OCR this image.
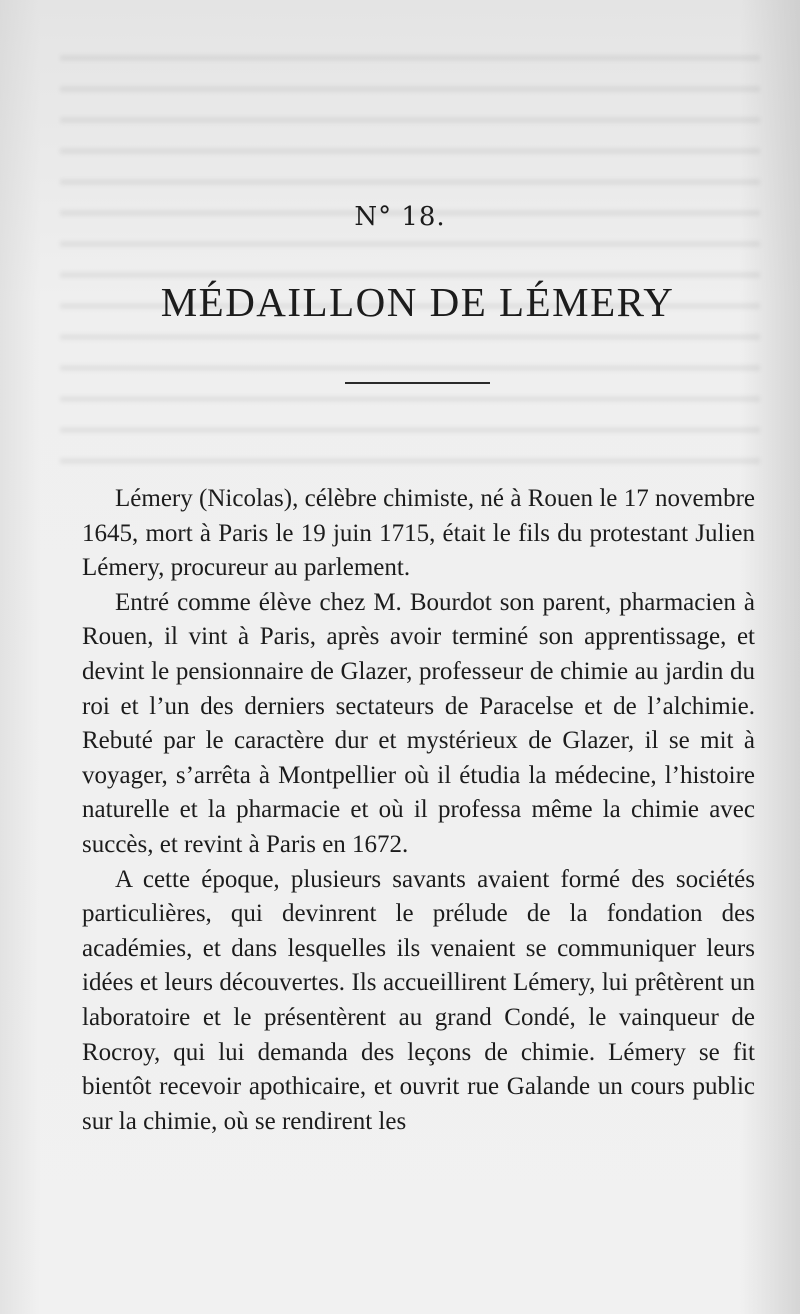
N° 18.
MÉDAILLON DE LÉMERY

Lémery (Nicolas), célèbre chimiste, né à Rouen le 17 novembre 1645, mort à Paris le 19 juin 1715, était le fils du protestant Julien Lémery, procureur au parlement.

Entré comme élève chez M. Bourdot son parent, pharmacien à Rouen, il vint à Paris, après avoir terminé son apprentissage, et devint le pensionnaire de Glazer, professeur de chimie au jardin du roi et l’un des derniers sectateurs de Paracelse et de l’alchimie. Rebuté par le caractère dur et mystérieux de Glazer, il se mit à voyager, s’arrêta à Montpellier où il étudia la médecine, l’histoire naturelle et la pharmacie et où il professa même la chimie avec succès, et revint à Paris en 1672.

A cette époque, plusieurs savants avaient formé des sociétés particulières, qui devinrent le prélude de la fondation des académies, et dans lesquelles ils venaient se communiquer leurs idées et leurs découvertes. Ils accueillirent Lémery, lui prêtèrent un laboratoire et le présentèrent au grand Condé, le vainqueur de Rocroy, qui lui demanda des leçons de chimie. Lémery se fit bientôt recevoir apothicaire, et ouvrit rue Galande un cours public sur la chimie, où se rendirent les
